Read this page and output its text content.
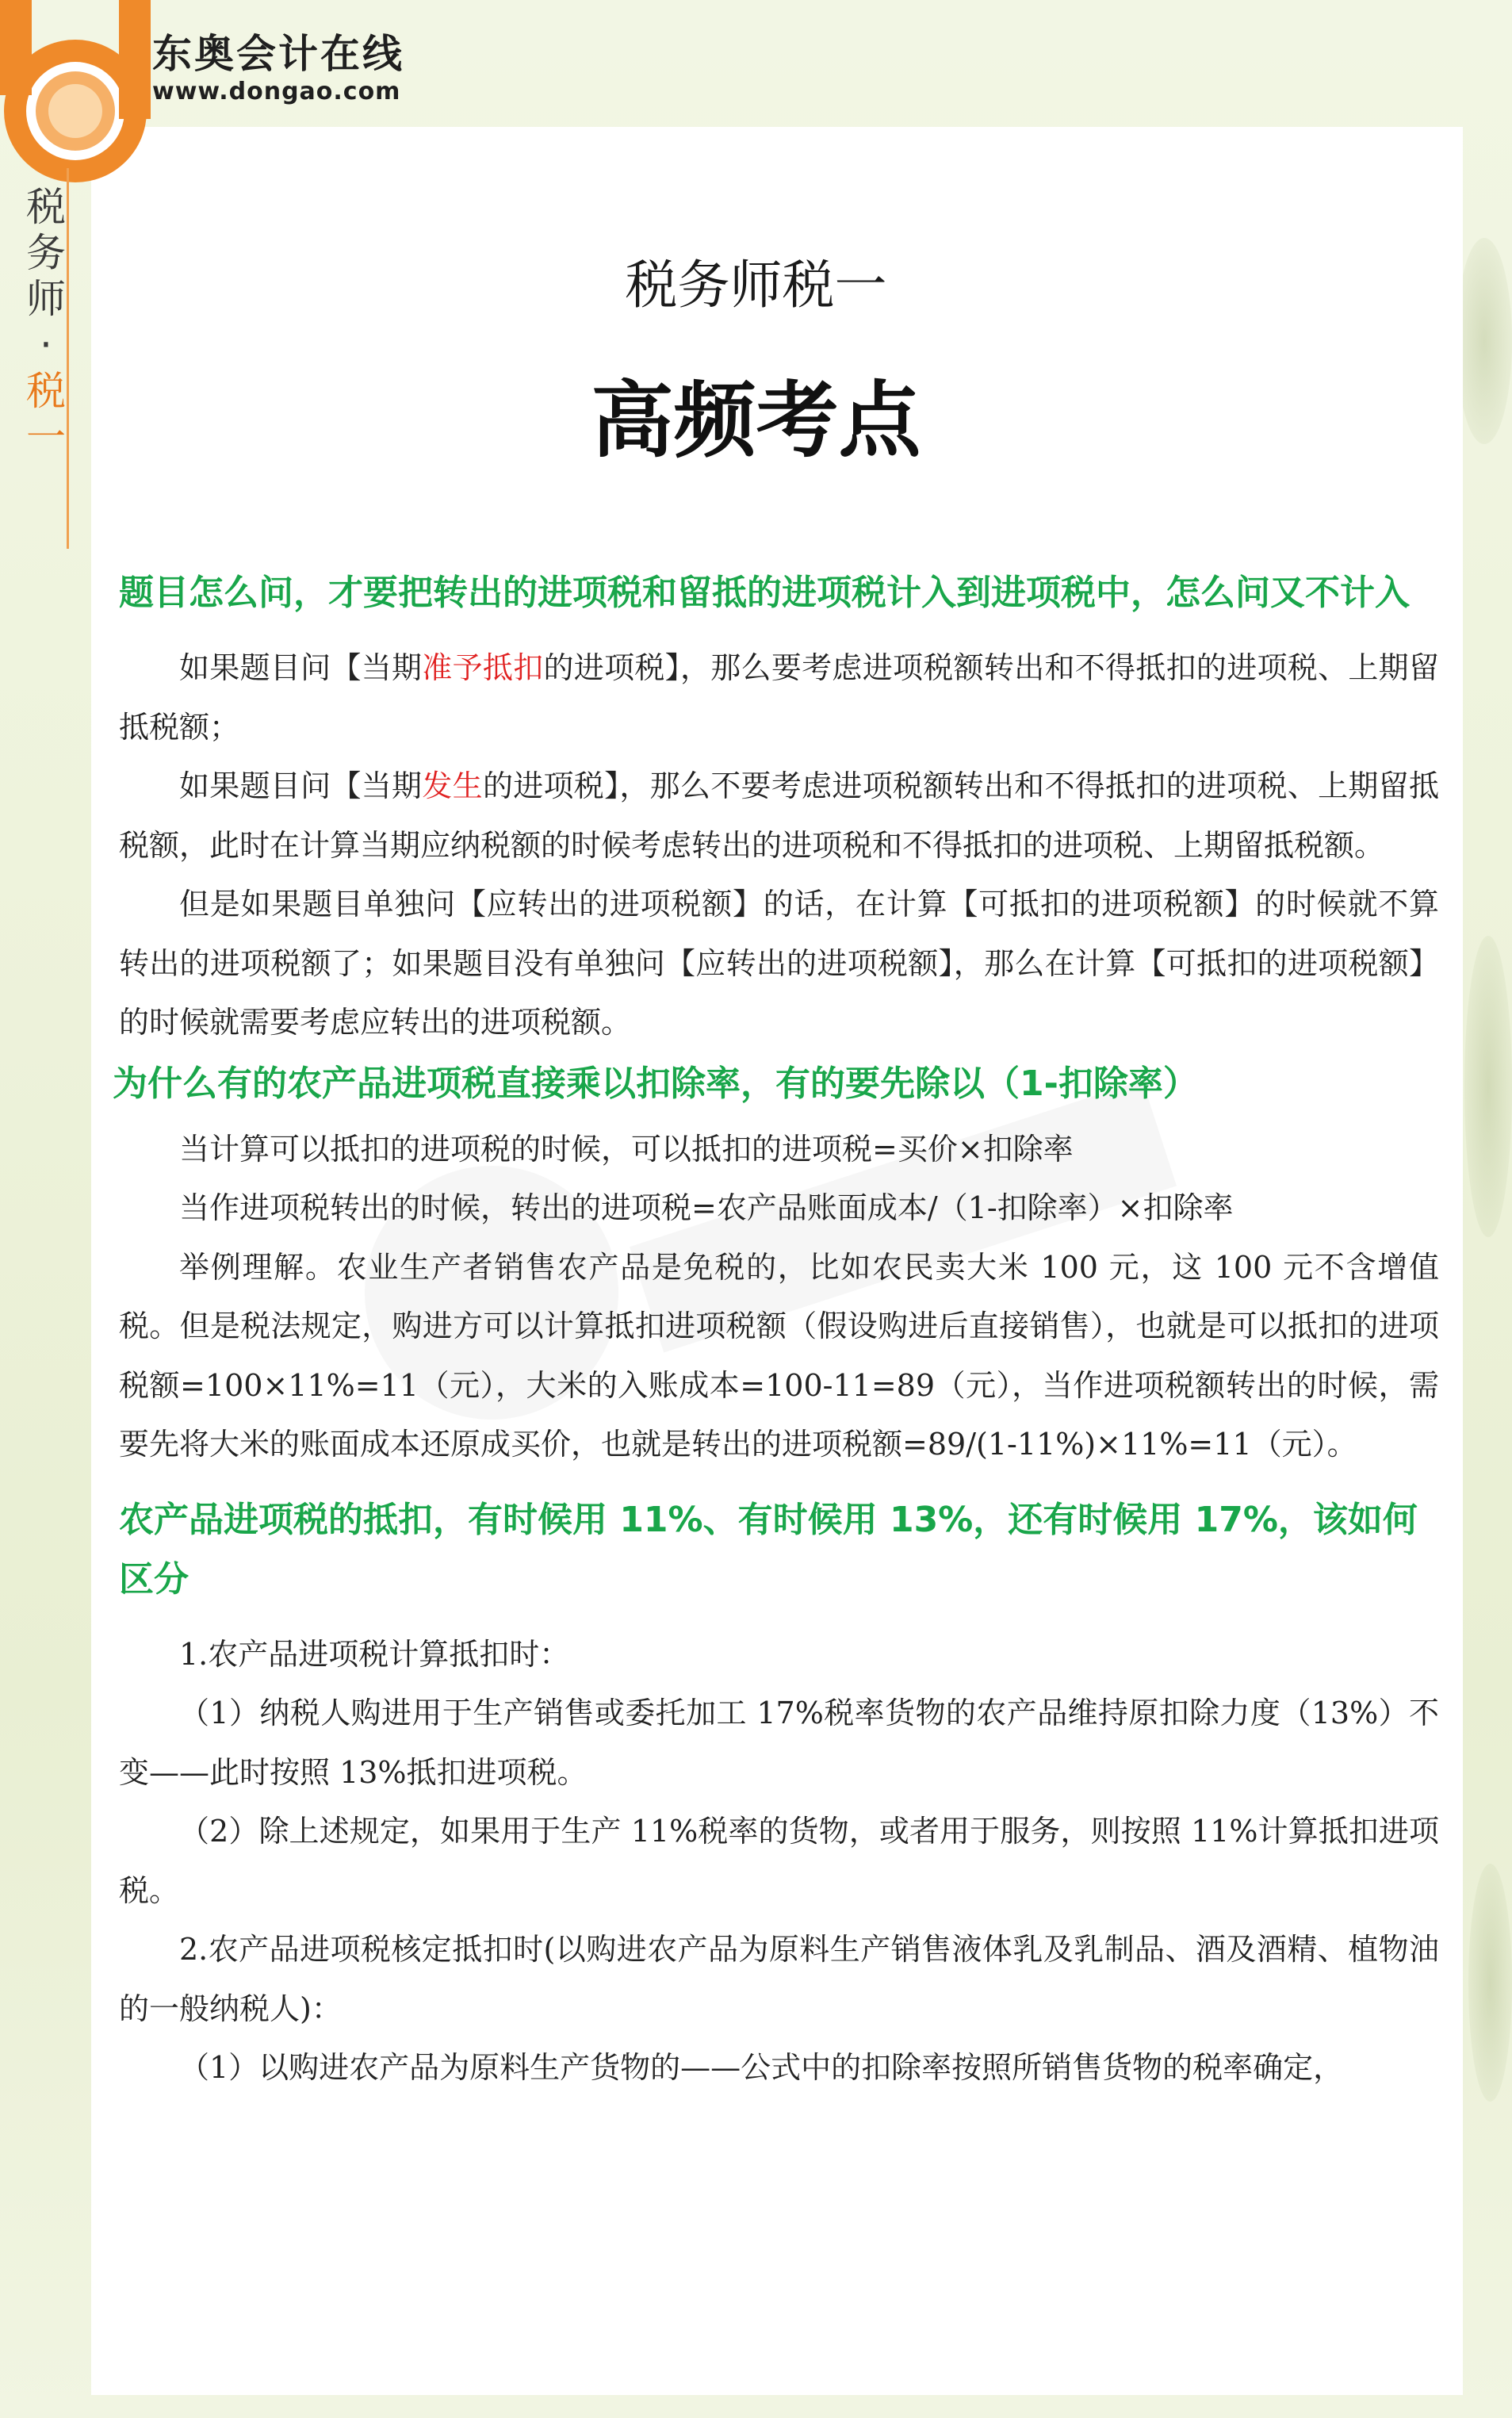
东奥会计在线
www.dongao.com
税
务
师
·
税
一
税务师税一
高频考点
题目怎么问，才要把转出的进项税和留抵的进项税计入到进项税中，怎么问又不计入

如果题目问【当期准予抵扣的进项税】，那么要考虑进项税额转出和不得抵扣的进项税、上期留抵税额；

如果题目问【当期发生的进项税】，那么不要考虑进项税额转出和不得抵扣的进项税、上期留抵税额，此时在计算当期应纳税额的时候考虑转出的进项税和不得抵扣的进项税、上期留抵税额。

但是如果题目单独问【应转出的进项税额】的话，在计算【可抵扣的进项税额】的时候就不算转出的进项税额了；如果题目没有单独问【应转出的进项税额】，那么在计算【可抵扣的进项税额】的时候就需要考虑应转出的进项税额。

为什么有的农产品进项税直接乘以扣除率，有的要先除以（1-扣除率）

当计算可以抵扣的进项税的时候，可以抵扣的进项税=买价×扣除率

当作进项税转出的时候，转出的进项税=农产品账面成本/（1-扣除率）×扣除率

举例理解。农业生产者销售农产品是免税的，比如农民卖大米 100 元，这 100 元不含增值税。但是税法规定，购进方可以计算抵扣进项税额（假设购进后直接销售），也就是可以抵扣的进项税额=100×11%=11（元），大米的入账成本=100-11=89（元），当作进项税额转出的时候，需要先将大米的账面成本还原成买价，也就是转出的进项税额=89/(1-11%)×11%=11（元）。

农产品进项税的抵扣，有时候用 11%、有时候用 13%，还有时候用 17%，该如何区分

1.农产品进项税计算抵扣时：

（1）纳税人购进用于生产销售或委托加工 17%税率货物的农产品维持原扣除力度（13%）不变——此时按照 13%抵扣进项税。

（2）除上述规定，如果用于生产 11%税率的货物，或者用于服务，则按照 11%计算抵扣进项税。

2.农产品进项税核定抵扣时(以购进农产品为原料生产销售液体乳及乳制品、酒及酒精、植物油的一般纳税人)：

（1）以购进农产品为原料生产货物的——公式中的扣除率按照所销售货物的税率确定，
